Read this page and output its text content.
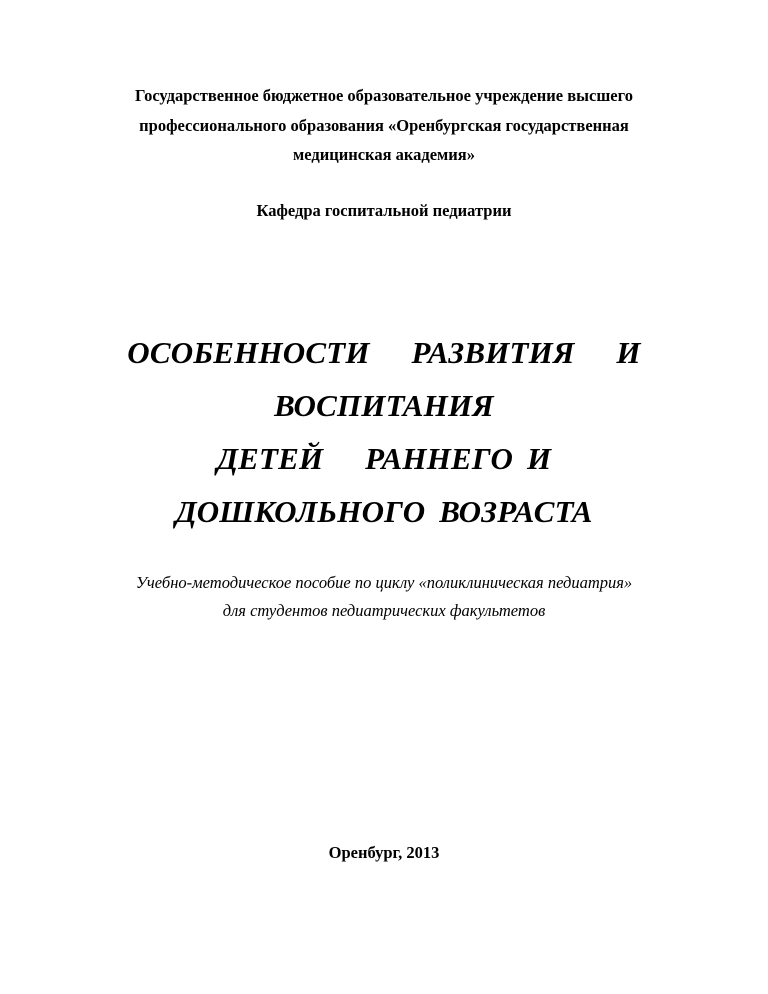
Государственное бюджетное образовательное учреждение высшего
профессионального образования «Оренбургская государственная
медицинская академия»
Кафедра госпитальной педиатрии
ОСОБЕННОСТИ   РАЗВИТИЯ   И
ВОСПИТАНИЯ
ДЕТЕЙ   РАННЕГО И
ДОШКОЛЬНОГО ВОЗРАСТА
Учебно-методическое пособие по циклу «поликлиническая педиатрия»
для студентов педиатрических факультетов
Оренбург, 2013
